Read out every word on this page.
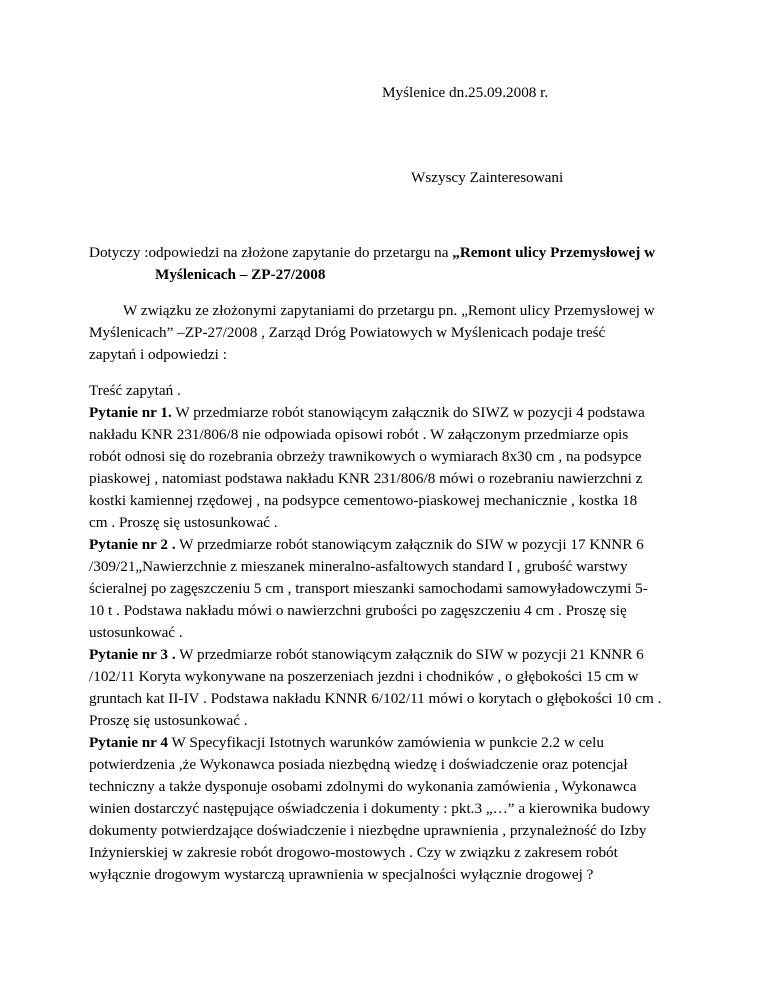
Myślenice dn.25.09.2008 r.
Wszyscy Zainteresowani
Dotyczy :odpowiedzi na złożone zapytanie do przetargu na „Remont ulicy Przemysłowej w
Myślenicach – ZP-27/2008
W związku ze złożonymi zapytaniami do przetargu pn. „Remont ulicy Przemysłowej w
Myślenicach” –ZP-27/2008 , Zarząd Dróg Powiatowych w Myślenicach podaje treść
zapytań i odpowiedzi :
Treść zapytań .
Pytanie nr 1. W przedmiarze robót stanowiącym załącznik do SIWZ w pozycji 4 podstawa
nakładu KNR 231/806/8 nie odpowiada opisowi robót . W załączonym przedmiarze opis
robót odnosi się do rozebrania obrzeży trawnikowych o wymiarach 8x30 cm , na podsypce
piaskowej , natomiast podstawa nakładu KNR 231/806/8 mówi o rozebraniu nawierzchni z
kostki kamiennej rzędowej , na podsypce cementowo-piaskowej mechanicznie , kostka 18
cm . Proszę się ustosunkować .
Pytanie nr 2 . W przedmiarze robót stanowiącym załącznik do SIW w pozycji 17 KNNR 6
/309/21„Nawierzchnie z mieszanek mineralno-asfaltowych standard I , grubość warstwy
ścieralnej po zagęszczeniu 5 cm , transport mieszanki samochodami samowyładowczymi 5-
10 t . Podstawa nakładu mówi o nawierzchni grubości po zagęszczeniu 4 cm . Proszę się
ustosunkować .
Pytanie nr 3 . W przedmiarze robót stanowiącym załącznik do SIW w pozycji 21 KNNR 6
/102/11 Koryta wykonywane na poszerzeniach jezdni i chodników , o głębokości 15 cm w
gruntach kat II-IV . Podstawa nakładu KNNR 6/102/11 mówi o korytach o głębokości 10 cm .
Proszę się ustosunkować .
Pytanie nr 4 W Specyfikacji Istotnych warunków zamówienia w punkcie 2.2 w celu
potwierdzenia ,że Wykonawca posiada niezbędną wiedzę i doświadczenie oraz potencjał
techniczny a także dysponuje osobami zdolnymi do wykonania zamówienia , Wykonawca
winien dostarczyć następujące oświadczenia i dokumenty : pkt.3 „…” a kierownika budowy
dokumenty potwierdzające doświadczenie i niezbędne uprawnienia , przynależność do Izby
Inżynierskiej w zakresie robót drogowo-mostowych . Czy w związku z zakresem robót
wyłącznie drogowym wystarczą uprawnienia w specjalności wyłącznie drogowej ?
